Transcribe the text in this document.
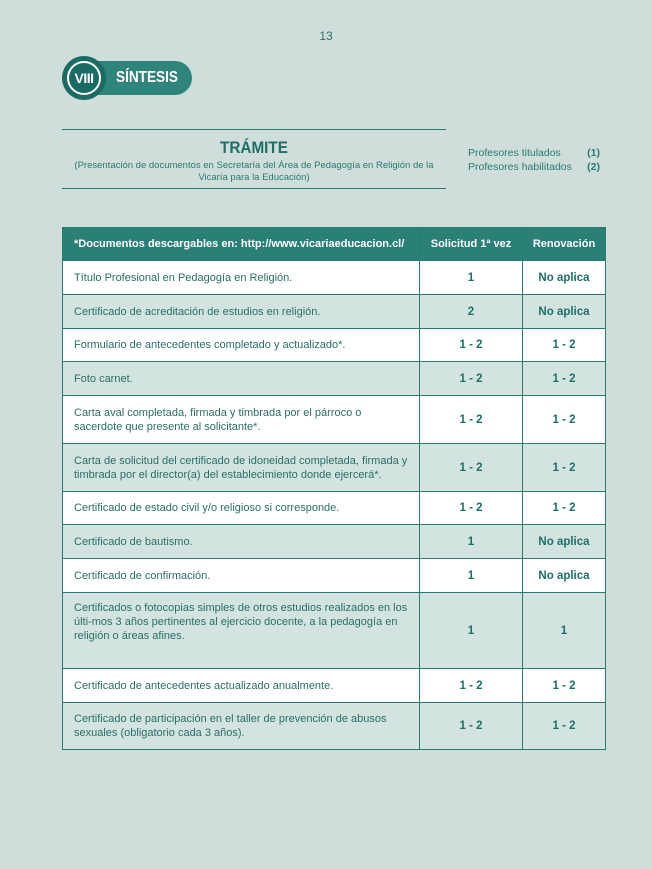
13
VIII	SÍNTESIS
TRÁMITE
(Presentación de documentos en Secretaría del Área de Pedagogía en Religión de la Vicaría para la Educación)
Profesores titulados	(1)
Profesores habilitados (2)
*Documentos descargables en: http://www.vicariaeducacion.cl/	Solicitud 1ª vez	Renovación
Título Profesional en Pedagogía en Religión.	1	No aplica
Certificado de acreditación de estudios en religión.	2	No aplica
Formulario de antecedentes completado y actualizado*.	1 - 2	1 - 2
Foto carnet.	1 - 2	1 - 2
Carta aval completada, firmada y timbrada por el párroco o sacerdote que presente al solicitante*.	1 - 2	1 - 2
Carta de solicitud del certificado de idoneidad completada, firmada y timbrada por el director(a) del establecimiento donde ejercerá*.	1 - 2	1 - 2
Certificado de estado civil y/o religioso si corresponde.	1 - 2	1 - 2
Certificado de bautismo.	1	No aplica
Certificado de confirmación.	1	No aplica
Certificados o fotocopias simples de otros estudios realizados en los últi-mos 3 años pertinentes al ejercicio docente, a la pedagogía en religión o áreas afines.	1	1
Certificado de antecedentes actualizado anualmente.	1 - 2	1 - 2
Certificado de participación en el taller de prevención de abusos sexuales (obligatorio cada 3 años).	1 - 2	1 - 2
